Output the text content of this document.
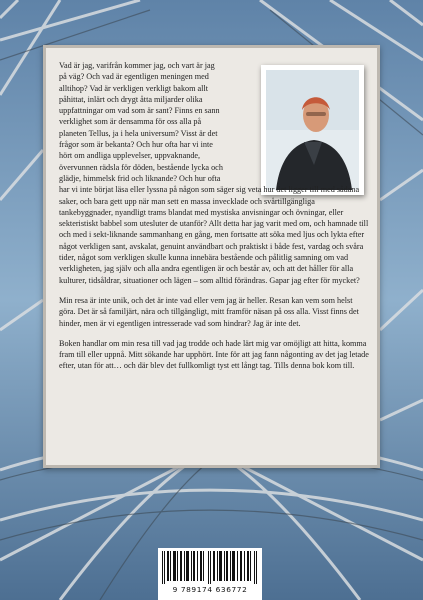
Vad är jag, varifrån kommer jag, och vart är jag
på väg? Och vad är egentligen meningen med
alltihop? Vad är verkligen verkligt bakom allt
påhittat, inlärt och drygt åtta miljarder olika
uppfattningar om vad som är sant? Finns en sann
verklighet som är densamma för oss alla på
planeten Tellus, ja i hela universum? Visst är det
frågor som är bekanta? Och hur ofta har vi inte
hört om andliga upplevelser, uppvaknande,
övervunnen rädsla för döden, bestående lycka och
glädje, himmelsk frid och liknande? Och hur ofta
har vi inte börjat läsa eller lyssna på någon som säger sig veta hur det ligger till med sådana saker, och bara gett upp när man sett en massa invecklade och svårtillgängliga tankebyggnader, nyandligt trams blandat med mystiska anvisningar och övningar, eller sekteristiskt babbel som utesluter de utanför? Allt detta har jag varit med om, och hamnade till och med i sekt-liknande sammanhang en gång, men fortsatte att söka med ljus och lykta efter något verkligen sant, avskalat, genuint användbart och praktiskt i både fest, vardag och svåra tider, något som verkligen skulle kunna innebära bestående och pålitlig samning om vad verkligheten, jag själv och alla andra egentligen är och består av, och att det håller för alla kulturer, tidsåldrar, situationer och lägen – som alltid förändras. Gapar jag efter för mycket?

Min resa är inte unik, och det är inte vad eller vem jag är heller. Resan kan vem som helst göra. Det är så familjärt, nära och tillgängligt, mitt framför näsan på oss alla. Visst finns det hinder, men är vi egentligen intresserade vad som hindrar? Jag är inte det.

Boken handlar om min resa till vad jag trodde och hade lärt mig var omöjligt att hitta, komma fram till eller uppnå. Mitt sökande har upphört. Inte för att jag fann någonting av det jag letade efter, utan för att… och där blev det fullkomligt tyst ett långt tag. Tills denna bok kom till.

9 789174 636772
